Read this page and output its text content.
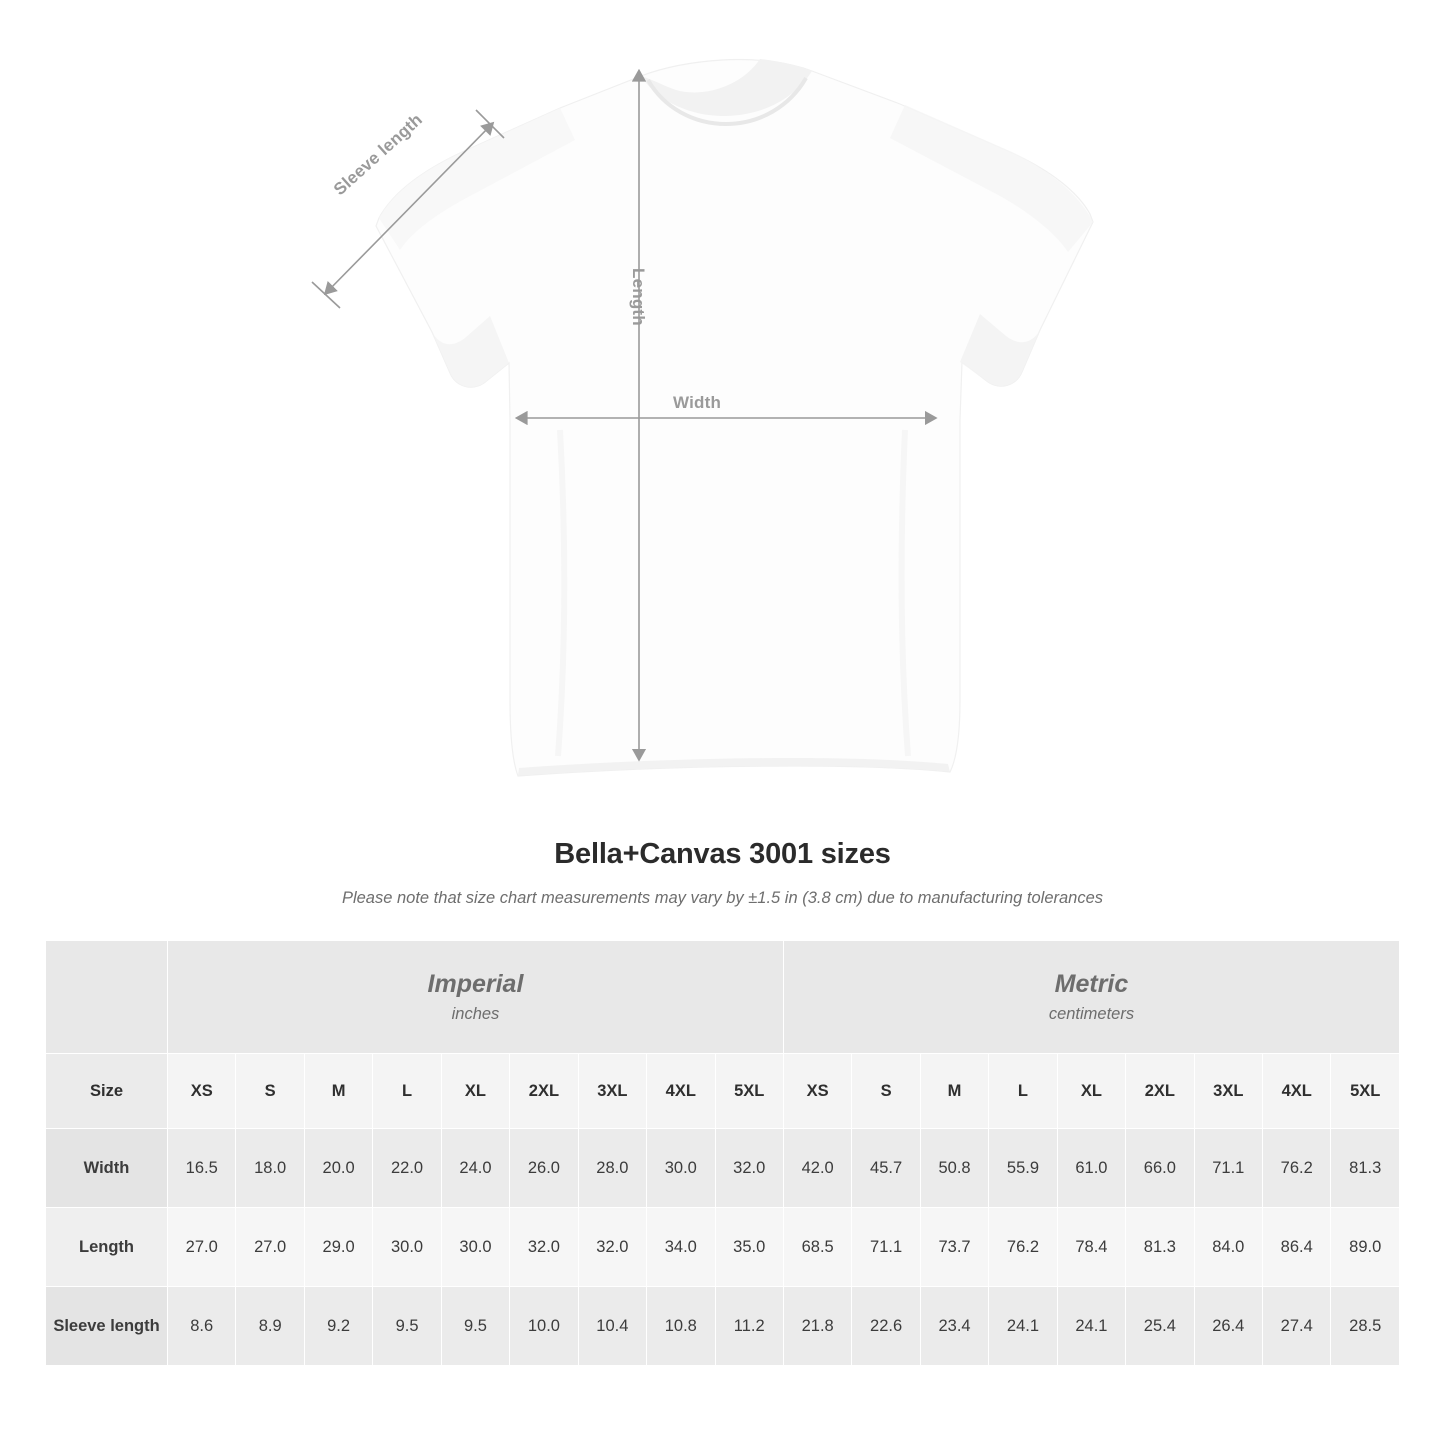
Sleeve length
Length
Width
Bella+Canvas 3001 sizes
Please note that size chart measurements may vary by ±1.5 in (3.8 cm) due to manufacturing tolerances

Imperial
inches

Metric
centimeters

Size	XS	S	M	L	XL	2XL	3XL	4XL	5XL	XS	S	M	L	XL	2XL	3XL	4XL	5XL
Width	16.5	18.0	20.0	22.0	24.0	26.0	28.0	30.0	32.0	42.0	45.7	50.8	55.9	61.0	66.0	71.1	76.2	81.3
Length	27.0	27.0	29.0	30.0	30.0	32.0	32.0	34.0	35.0	68.5	71.1	73.7	76.2	78.4	81.3	84.0	86.4	89.0
Sleeve length	8.6	8.9	9.2	9.5	9.5	10.0	10.4	10.8	11.2	21.8	22.6	23.4	24.1	24.1	25.4	26.4	27.4	28.5
